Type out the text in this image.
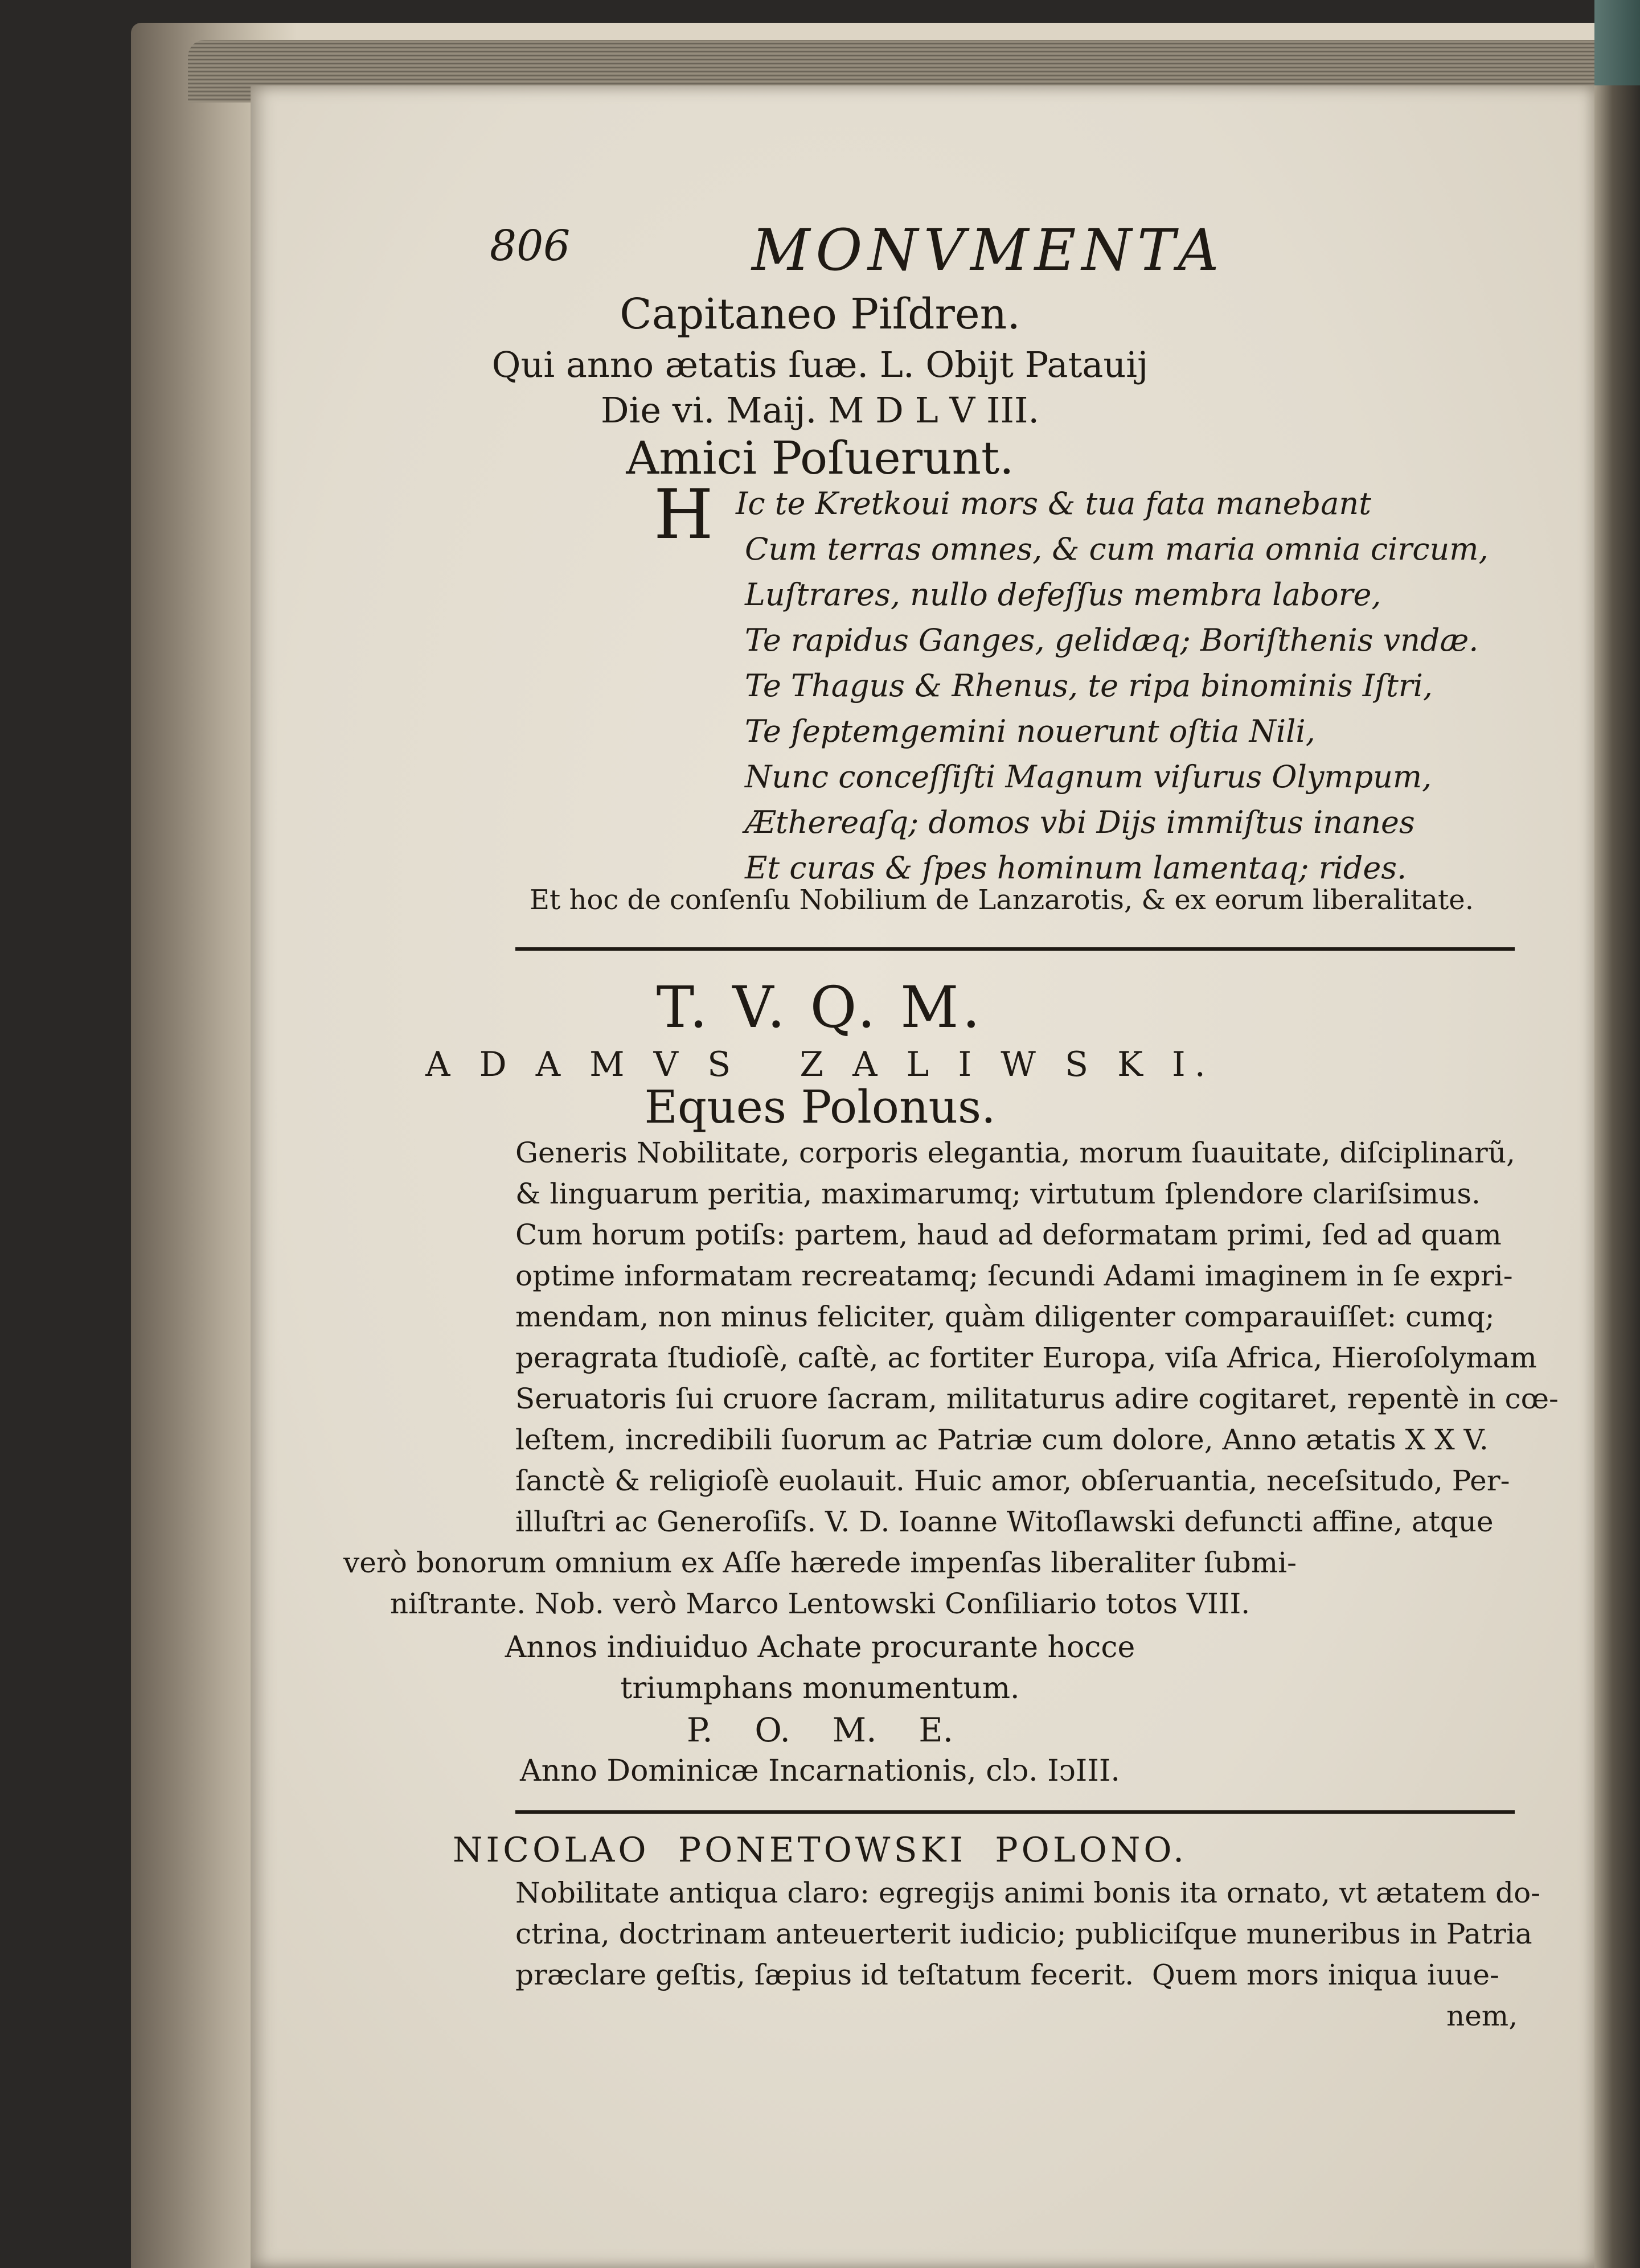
806	MONVMENTA
Capitaneo Piſdren.
Qui anno ætatis ſuæ. L. Obijt Patauij
Die vi. Maij. M D L V III.
Amici Poſuerunt.
H Ic te Kretkoui mors & tua fata manebant
Cum terras omnes, & cum maria omnia circum,
Luſtrares, nullo defeſſus membra labore,
Te rapidus Ganges, gelidæq; Boriſthenis vndæ.
Te Thagus & Rhenus, te ripa binominis Iſtri,
Te ſeptemgemini nouerunt oſtia Nili,
Nunc conceſſiſti Magnum viſurus Olympum,
Æthereaſq; domos vbi Dijs immiſtus inanes
Et curas & ſpes hominum lamentaq; rides.
Et hoc de conſenſu Nobilium de Lanzarotis, & ex eorum liberalitate.
T. V. Q. M.
A D A M V S   Z A L I W S K I.
Eques Polonus.
Generis Nobilitate, corporis elegantia, morum ſuauitate, diſciplinarũ,
& linguarum peritia, maximarumq; virtutum ſplendore clariſsimus.
Cum horum potiſs: partem, haud ad deformatam primi, ſed ad quam
optime informatam recreatamq; ſecundi Adami imaginem in ſe expri-
mendam, non minus feliciter, quàm diligenter comparauiſſet: cumq;
peragrata ſtudioſè, caſtè, ac fortiter Europa, viſa Africa, Hieroſolymam
Seruatoris ſui cruore ſacram, militaturus adire cogitaret, repentè in cœ-
leſtem, incredibili ſuorum ac Patriæ cum dolore, Anno ætatis X X V.
ſanctè & religioſè euolauit. Huic amor, obſeruantia, neceſsitudo, Per-
illuſtri ac Generoſiſs. V. D. Ioanne Witoſlawski defuncti affine, atque
verò bonorum omnium ex Aſſe hærede impenſas liberaliter ſubmi-
niſtrante. Nob. verò Marco Lentowski Conſiliario totos VIII.
Annos indiuiduo Achate procurante hocce
triumphans monumentum.
P.    O.    M.    E.
Anno Dominicæ Incarnationis, clↄ. IↄIII.
NICOLAO  PONETOWSKI  POLONO.
Nobilitate antiqua claro: egregijs animi bonis ita ornato, vt ætatem do-
ctrina, doctrinam anteuerterit iudicio; publiciſque muneribus in Patria
præclare geſtis, ſæpius id teſtatum fecerit.  Quem mors iniqua iuue-
nem,
